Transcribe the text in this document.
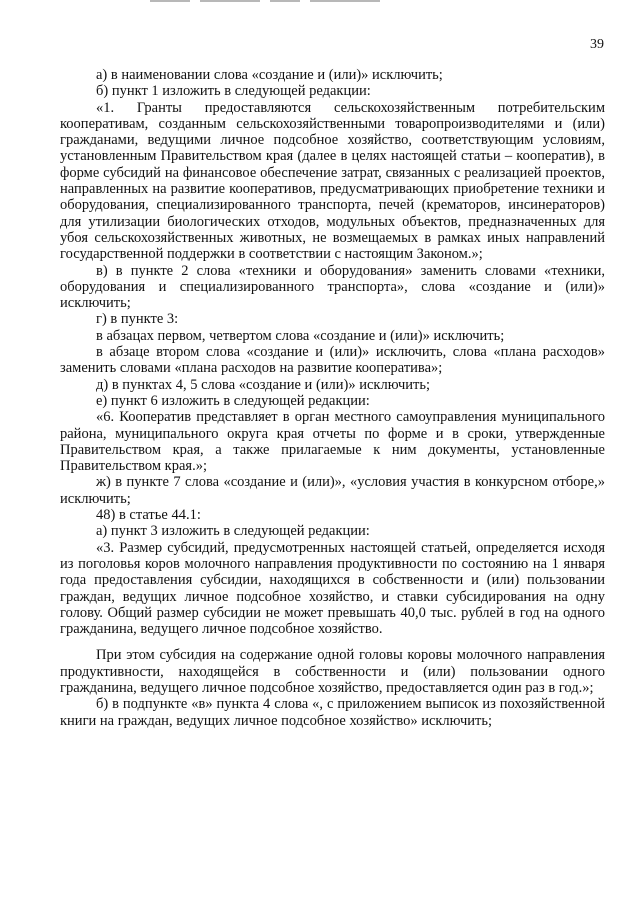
39

а) в наименовании слова «создание и (или)» исключить;

б) пункт 1 изложить в следующей редакции:

«1. Гранты предоставляются сельскохозяйственным потребительским кооперативам, созданным сельскохозяйственными товаропроизводителями и (или) гражданами, ведущими личное подсобное хозяйство, соответствующим условиям, установленным Правительством края (далее в целях настоящей статьи – кооператив), в форме субсидий на финансовое обеспечение затрат, связанных с реализацией проектов, направленных на развитие кооперативов, предусматривающих приобретение техники и оборудования, специализированного транспорта, печей (крематоров, инсинераторов) для утилизации биологических отходов, модульных объектов, предназначенных для убоя сельскохозяйственных животных, не возмещаемых в рамках иных направлений государственной поддержки в соответствии с настоящим Законом.»;

в) в пункте 2 слова «техники и оборудования» заменить словами «техники, оборудования и специализированного транспорта», слова «создание и (или)» исключить;

г) в пункте 3:

в абзацах первом, четвертом слова «создание и (или)» исключить;

в абзаце втором слова «создание и (или)» исключить, слова «плана расходов» заменить словами «плана расходов на развитие кооператива»;

д) в пунктах 4, 5 слова «создание и (или)» исключить;

е) пункт 6 изложить в следующей редакции:

«6. Кооператив представляет в орган местного самоуправления муниципального района, муниципального округа края отчеты по форме и в сроки, утвержденные Правительством края, а также прилагаемые к ним документы, установленные Правительством края.»;

ж) в пункте 7 слова «создание и (или)», «условия участия в конкурсном отборе,» исключить;

48) в статье 44.1:

а) пункт 3 изложить в следующей редакции:

«3. Размер субсидий, предусмотренных настоящей статьей, определяется исходя из поголовья коров молочного направления продуктивности по состоянию на 1 января года предоставления субсидии, находящихся в собственности и (или) пользовании граждан, ведущих личное подсобное хозяйство, и ставки субсидирования на одну голову. Общий размер субсидии не может превышать 40,0 тыс. рублей в год на одного гражданина, ведущего личное подсобное хозяйство.

При этом субсидия на содержание одной головы коровы молочного направления продуктивности, находящейся в собственности и (или) пользовании одного гражданина, ведущего личное подсобное хозяйство, предоставляется один раз в год.»;

б) в подпункте «в» пункта 4 слова «, с приложением выписок из похозяйственной книги на граждан, ведущих личное подсобное хозяйство» исключить;
